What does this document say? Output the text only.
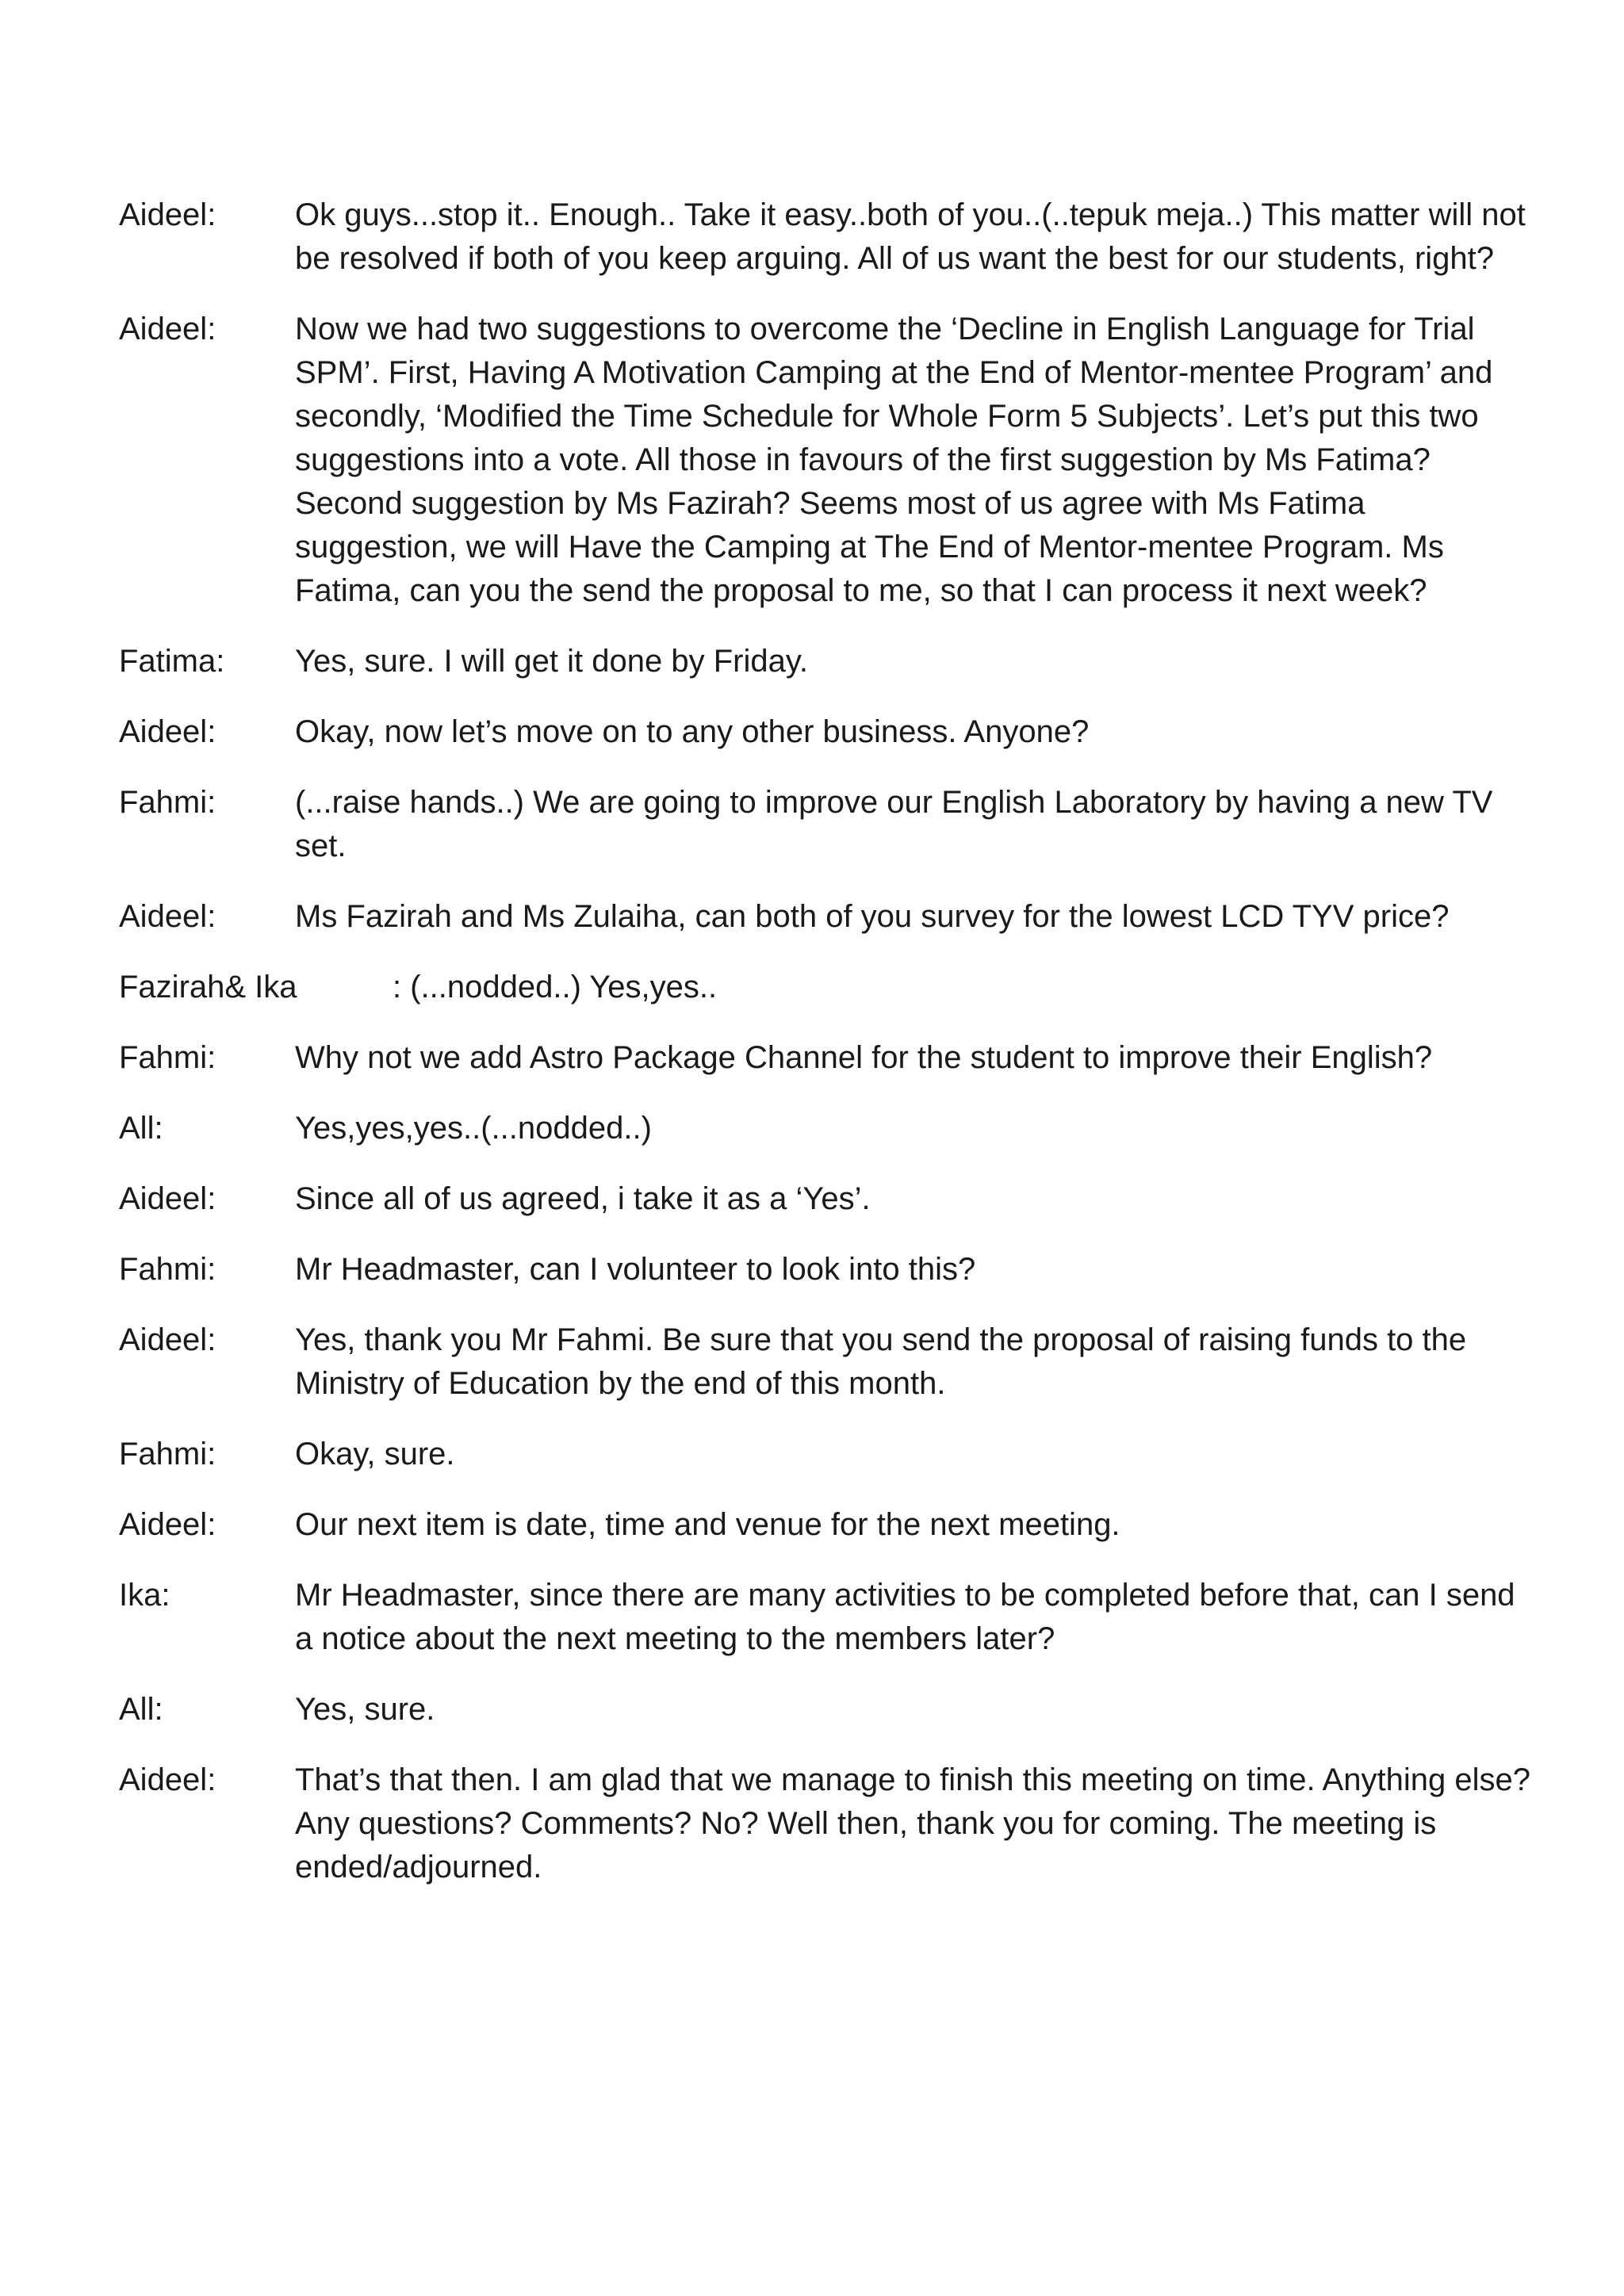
Aideel:	Ok guys...stop it.. Enough.. Take it easy..both of you..(..tepuk meja..) This matter will not be resolved if both of you keep arguing. All of us want the best for our students, right?
Aideel:	Now we had two suggestions to overcome the ‘Decline in English Language for Trial SPM’. First, Having A Motivation Camping at the End of Mentor-mentee Program’ and secondly, ‘Modified the Time Schedule for Whole Form 5 Subjects’. Let’s put this two suggestions into a vote. All those in favours of the first suggestion by Ms Fatima? Second suggestion by Ms Fazirah? Seems most of us agree with Ms Fatima suggestion, we will Have the Camping at The End of Mentor-mentee Program. Ms Fatima, can you the send the proposal to me, so that I can process it next week?
Fatima:	Yes, sure. I will get it done by Friday.
Aideel:	Okay, now let’s move on to any other business. Anyone?
Fahmi:	(...raise hands..) We are going to improve our English Laboratory by having a new TV set.
Aideel:	Ms Fazirah and Ms Zulaiha, can both of you survey for the lowest LCD TYV price?
Fazirah& Ika	: (...nodded..) Yes,yes..
Fahmi:	Why not we add Astro Package Channel for the student to improve their English?
All:	Yes,yes,yes..(...nodded..)
Aideel:	Since all of us agreed, i take it as a ‘Yes’.
Fahmi:	Mr Headmaster, can I volunteer to look into this?
Aideel:	Yes, thank you Mr Fahmi. Be sure that you send the proposal of raising funds to the Ministry of Education by the end of this month.
Fahmi:	Okay, sure.
Aideel:	Our next item is date, time and venue for the next meeting.
Ika:	Mr Headmaster, since there are many activities to be completed before that, can I send a notice about the next meeting to the members later?
All:	Yes, sure.
Aideel:	That’s that then. I am glad that we manage to finish this meeting on time. Anything else? Any questions? Comments? No? Well then, thank you for coming. The meeting is ended/adjourned.
